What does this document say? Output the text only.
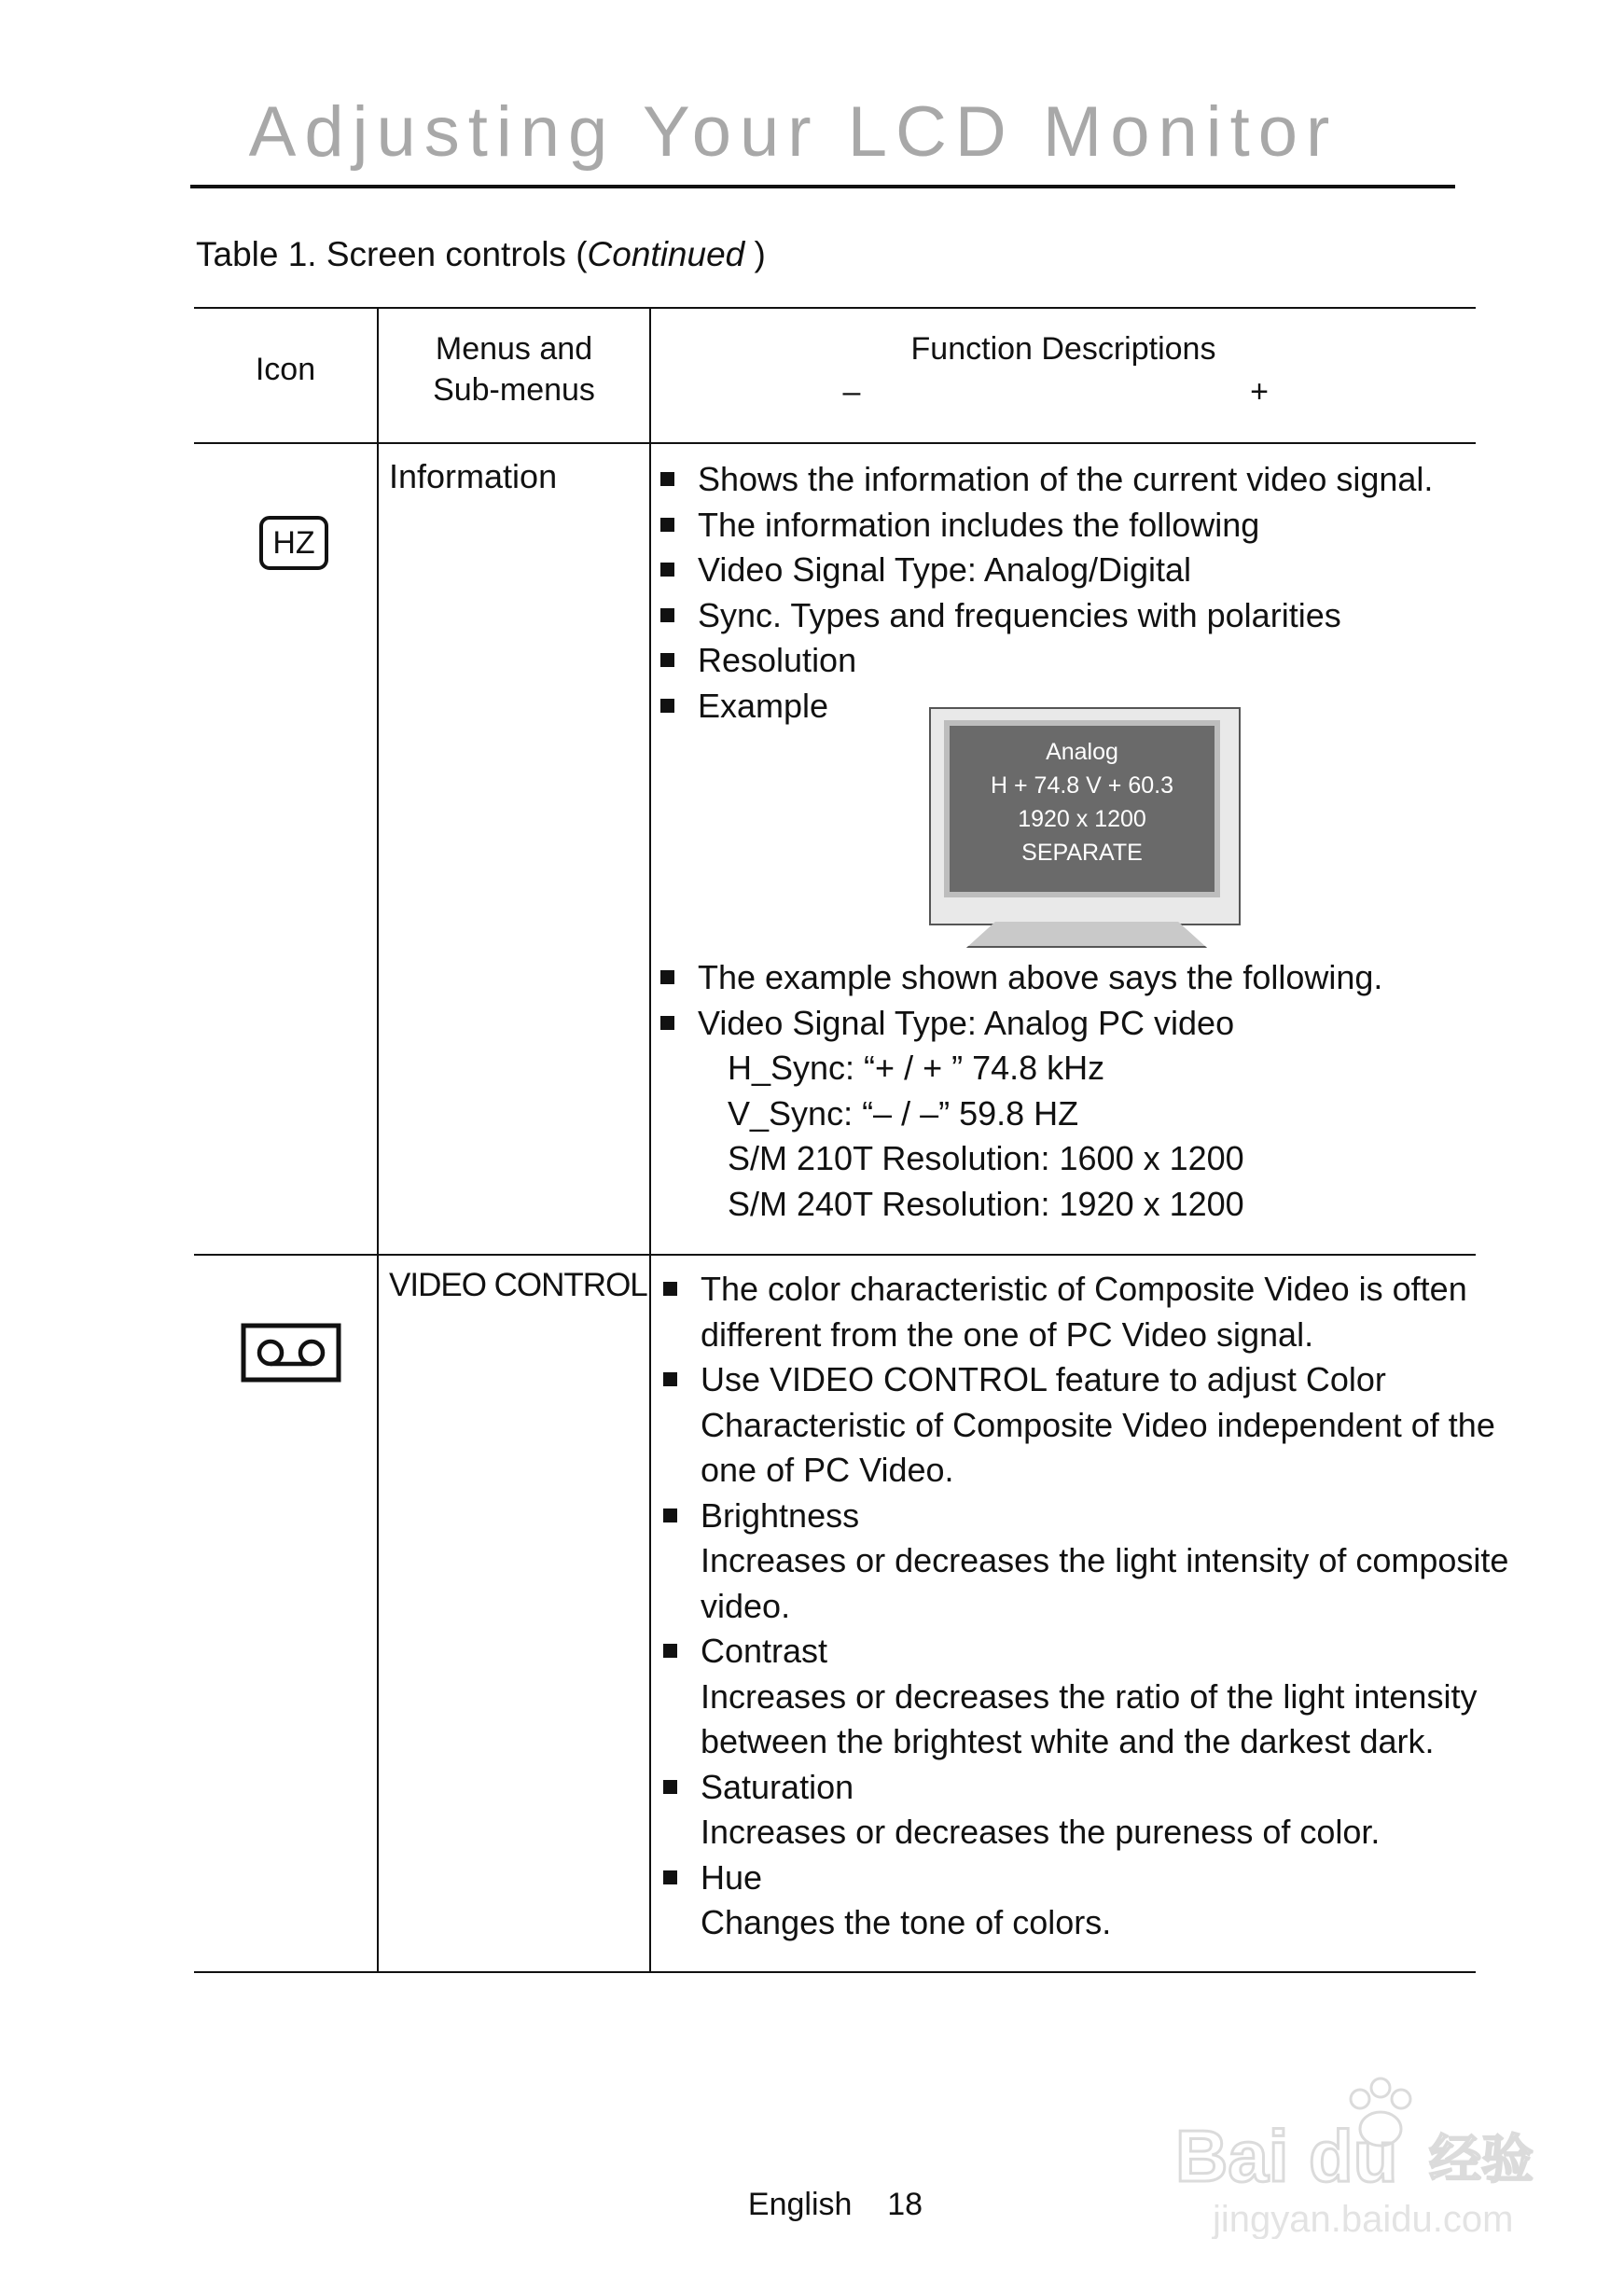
Adjusting Your LCD Monitor
Table 1. Screen controls (Continued )
Icon
Menus and
Sub-menus
Function Descriptions
–	+
HZ
Information	Shows the information of the current video signal.
The information includes the following
Video Signal Type: Analog/Digital
Sync. Types and frequencies with polarities
Resolution
Example
Analog
H + 74.8 V + 60.3
1920 x 1200
SEPARATE
The example shown above says the following.
Video Signal Type: Analog PC video
H_Sync: “+ / + ” 74.8 kHz
V_Sync: “– / –” 59.8 HZ
S/M 210T Resolution: 1600 x 1200
S/M 240T Resolution: 1920 x 1200
VIDEO CONTROL The color characteristic of Composite Video is often
different from the one of PC Video signal.
Use VIDEO CONTROL feature to adjust Color
Characteristic of Composite Video independent of the
one of PC Video.
Brightness
Increases or decreases the light intensity of composite
video.
Contrast
Increases or decreases the ratio of the light intensity
between the brightest white and the darkest dark.
Saturation
Increases or decreases the pureness of color.
Hue
Changes the tone of colors.
English 18
Bai du 经验
jingyan.baidu.com
